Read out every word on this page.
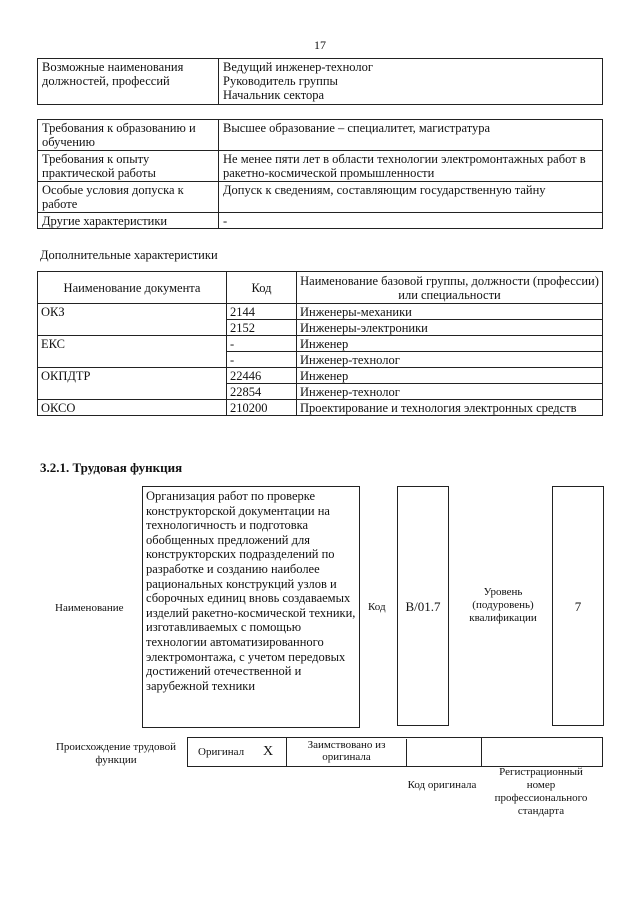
17
Возможные наименования должностей, профессий	
Ведущий инженер-технолог
Руководитель группы
Начальник сектора
Требования к образованию и обучению	Высшее образование – специалитет, магистратура
Требования к опыту практической работы	Не менее пяти лет в области технологии электромонтажных работ в ракетно-космической промышленности
Особые условия допуска к работе	Допуск к сведениям, составляющим государственную тайну
Другие характеристики	-
Дополнительные характеристики
Наименование документа	Код	Наименование базовой группы, должности (профессии) или специальности
ОКЗ	2144	Инженеры-механики
	2152	Инженеры-электроники
ЕКС	-	Инженер
	-	Инженер-технолог
ОКПДТР	22446	Инженер
	22854	Инженер-технолог
ОКСО	210200	Проектирование и технология электронных средств
3.2.1. Трудовая функция
Наименование
Организация работ по проверке конструкторской документации на технологичность и подготовка обобщенных предложений для конструкторских подразделений по разработке и созданию наиболее рациональных конструкций узлов и сборочных единиц вновь создаваемых изделий ракетно-космической техники, изготавливаемых с помощью технологии автоматизированного электромонтажа, с учетом передовых достижений отечественной и зарубежной техники
Код	B/01.7
Уровень (подуровень) квалификации
7
Происхождение трудовой функции
Оригинал X	Заимствовано из оригинала
Код оригинала
Регистрационный номер профессионального стандарта
